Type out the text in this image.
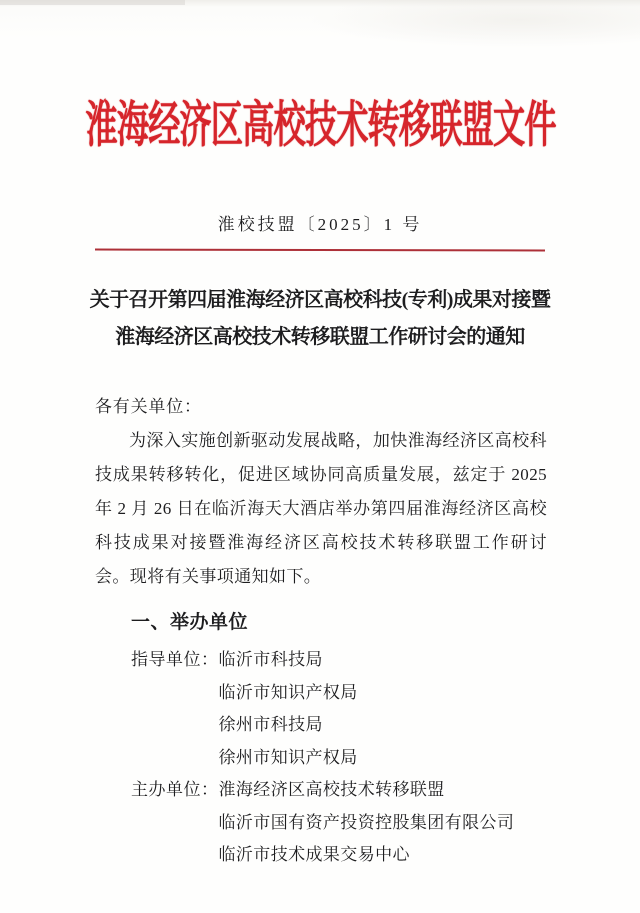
淮海经济区高校技术转移联盟文件
淮校技盟〔2025〕1 号
关于召开第四届淮海经济区高校科技(专利)成果对接暨
淮海经济区高校技术转移联盟工作研讨会的通知
各有关单位：
为深入实施创新驱动发展战略，加快淮海经济区高校科技成果转移转化，促进区域协同高质量发展，兹定于 2025 年 2 月 26 日在临沂海天大酒店举办第四届淮海经济区高校科技成果对接暨淮海经济区高校技术转移联盟工作研讨会。现将有关事项通知如下。
一、举办单位
指导单位： 临沂市科技局
临沂市知识产权局
徐州市科技局
徐州市知识产权局
主办单位： 淮海经济区高校技术转移联盟
临沂市国有资产投资控股集团有限公司
临沂市技术成果交易中心
